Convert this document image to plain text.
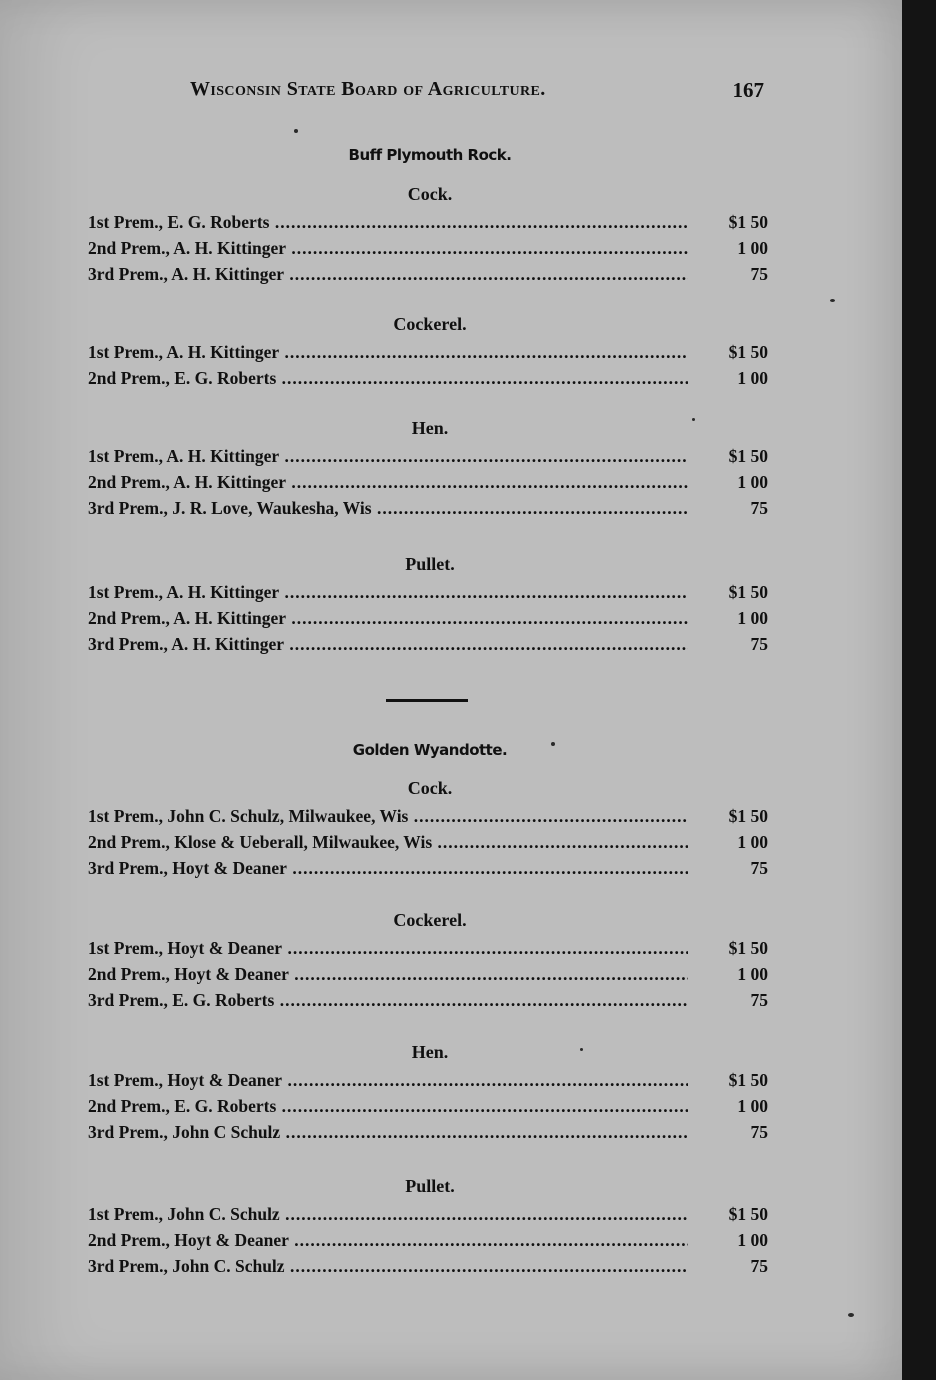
Wisconsin State Board of Agriculture.	167
Buff Plymouth Rock.
Cock.
1st Prem., E. G. Roberts .....	$1 50
2nd Prem., A. H. Kittinger .....	1 00
3rd Prem., A. H. Kittinger .....	75
Cockerel.
1st Prem., A. H. Kittinger .....	$1 50
2nd Prem., E. G. Roberts .....	1 00
Hen.
1st Prem., A. H. Kittinger .....	$1 50
2nd Prem., A. H. Kittinger .....	1 00
3rd Prem., J. R. Love, Waukesha, Wis .....	75
Pullet.
1st Prem., A. H. Kittinger .....	$1 50
2nd Prem., A. H. Kittinger .....	1 00
3rd Prem., A. H. Kittinger .....	75
Golden Wyandotte.
Cock.
1st Prem., John C. Schulz, Milwaukee, Wis .....	$1 50
2nd Prem., Klose & Ueberall, Milwaukee, Wis .....	1 00
3rd Prem., Hoyt & Deaner .....	75
Cockerel.
1st Prem., Hoyt & Deaner .....	$1 50
2nd Prem., Hoyt & Deaner .....	1 00
3rd Prem., E. G. Roberts .....	75
Hen.
1st Prem., Hoyt & Deaner .....	$1 50
2nd Prem., E. G. Roberts .....	1 00
3rd Prem., John C Schulz .....	75
Pullet.
1st Prem., John C. Schulz .....	$1 50
2nd Prem., Hoyt & Deaner .....	1 00
3rd Prem., John C. Schulz .....	75
